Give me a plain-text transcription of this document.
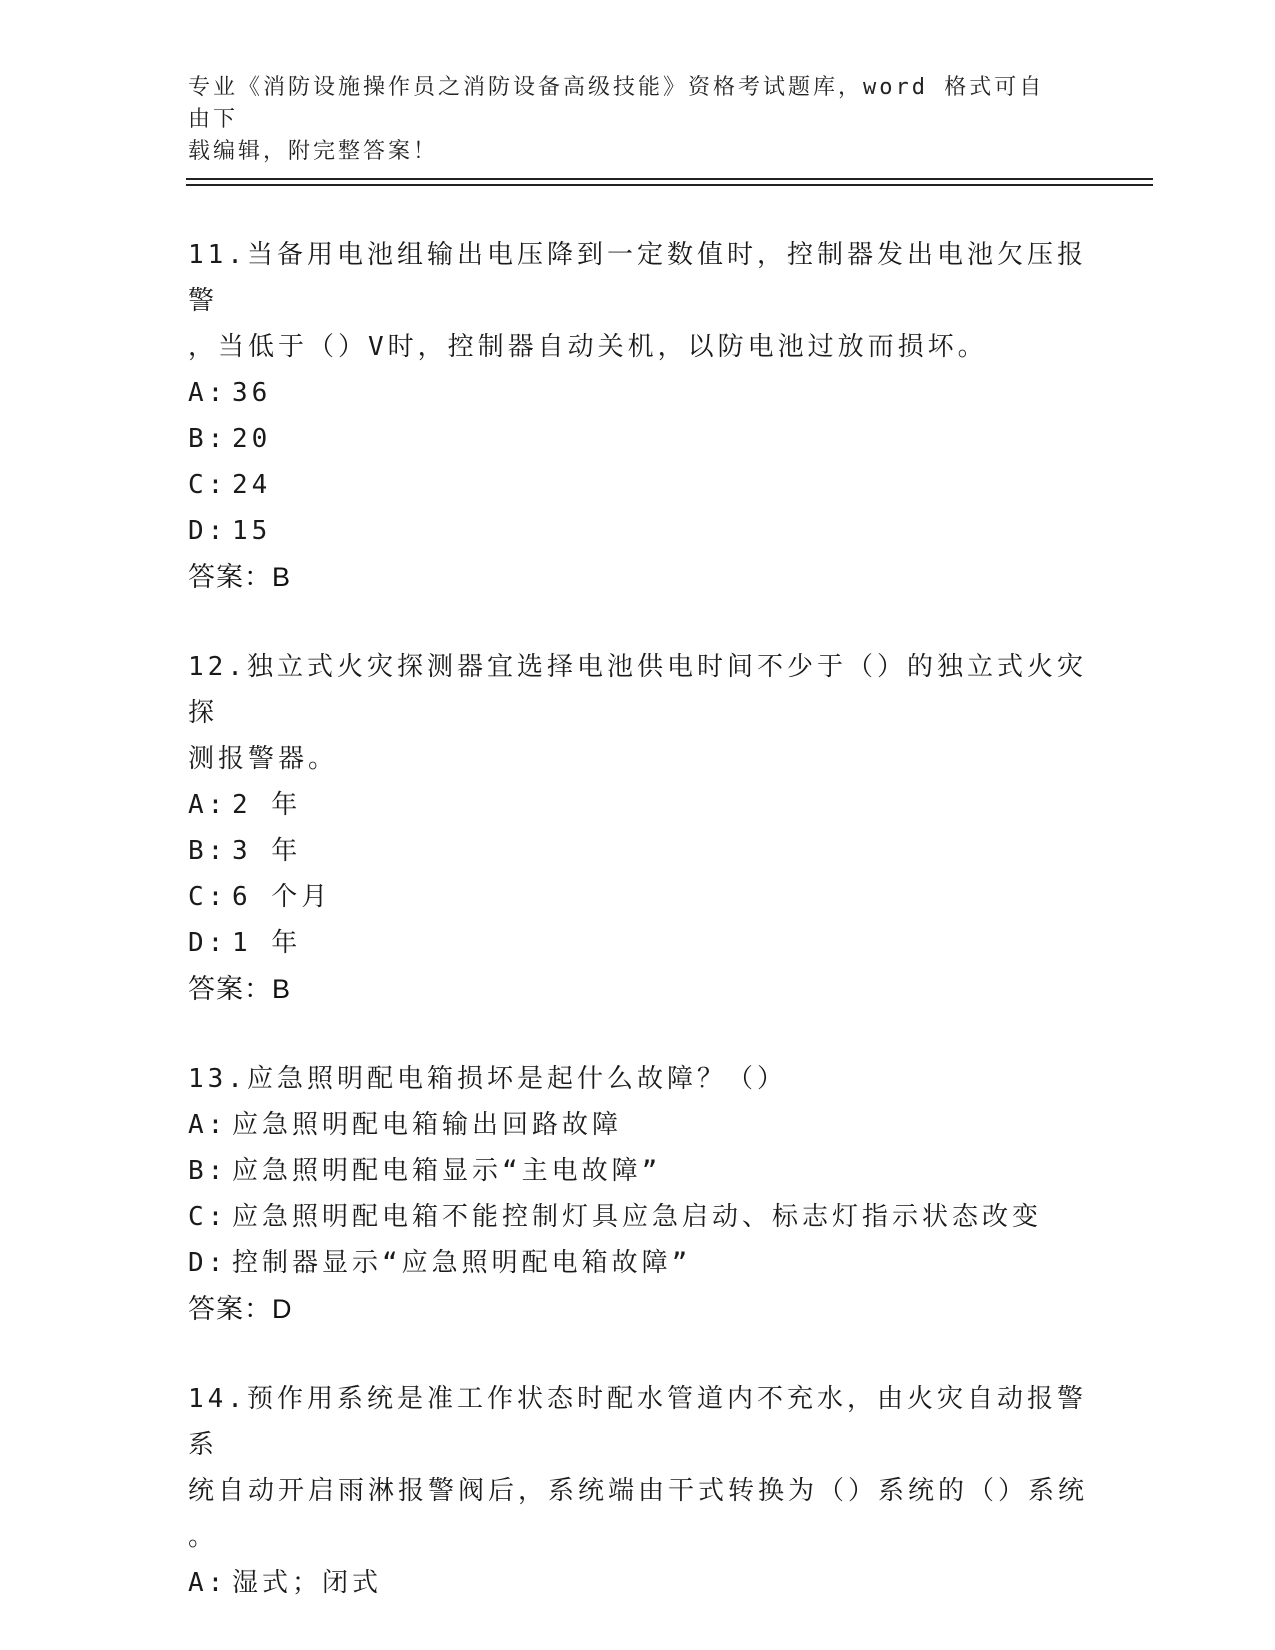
专业《消防设施操作员之消防设备高级技能》资格考试题库，word 格式可自由下
载编辑，附完整答案！

11.当备用电池组输出电压降到一定数值时，控制器发出电池欠压报警

，当低于（）V时，控制器自动关机，以防电池过放而损坏。

A: 36

B: 20

C: 24

D: 15

答案：B

12.独立式火灾探测器宜选择电池供电时间不少于（）的独立式火灾探

测报警器。

A: 2 年

B: 3 年

C: 6 个月

D: 1 年

答案：B

13.应急照明配电箱损坏是起什么故障？（）

A: 应急照明配电箱输出回路故障

B: 应急照明配电箱显示“主电故障”

C: 应急照明配电箱不能控制灯具应急启动、标志灯指示状态改变

D: 控制器显示“应急照明配电箱故障”

答案：D

14.预作用系统是准工作状态时配水管道内不充水，由火灾自动报警系

统自动开启雨淋报警阀后，系统端由干式转换为（）系统的（）系统

。

A: 湿式；闭式
